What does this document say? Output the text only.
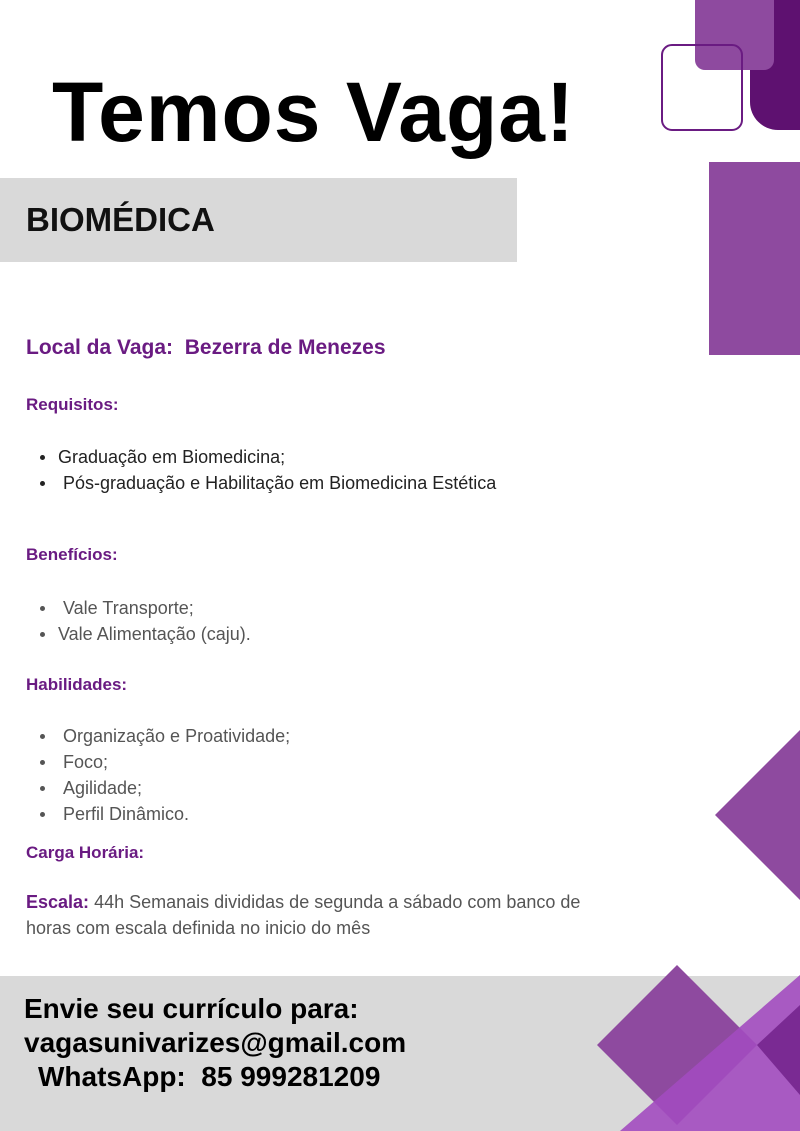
Temos Vaga!
BIOMÉDICA
Local da Vaga: Bezerra de Menezes
Requisitos:
Graduação em Biomedicina;
Pós-graduação e Habilitação em Biomedicina Estética
Benefícios:
Vale Transporte;
Vale Alimentação (caju).
Habilidades:
Organização e Proatividade;
Foco;
Agilidade;
Perfil Dinâmico.
Carga Horária:
Escala: 44h Semanais divididas de segunda a sábado com banco de horas com escala definida no inicio do mês
Envie seu currículo para:
vagasunivarizes@gmail.com
WhatsApp:  85 999281209
